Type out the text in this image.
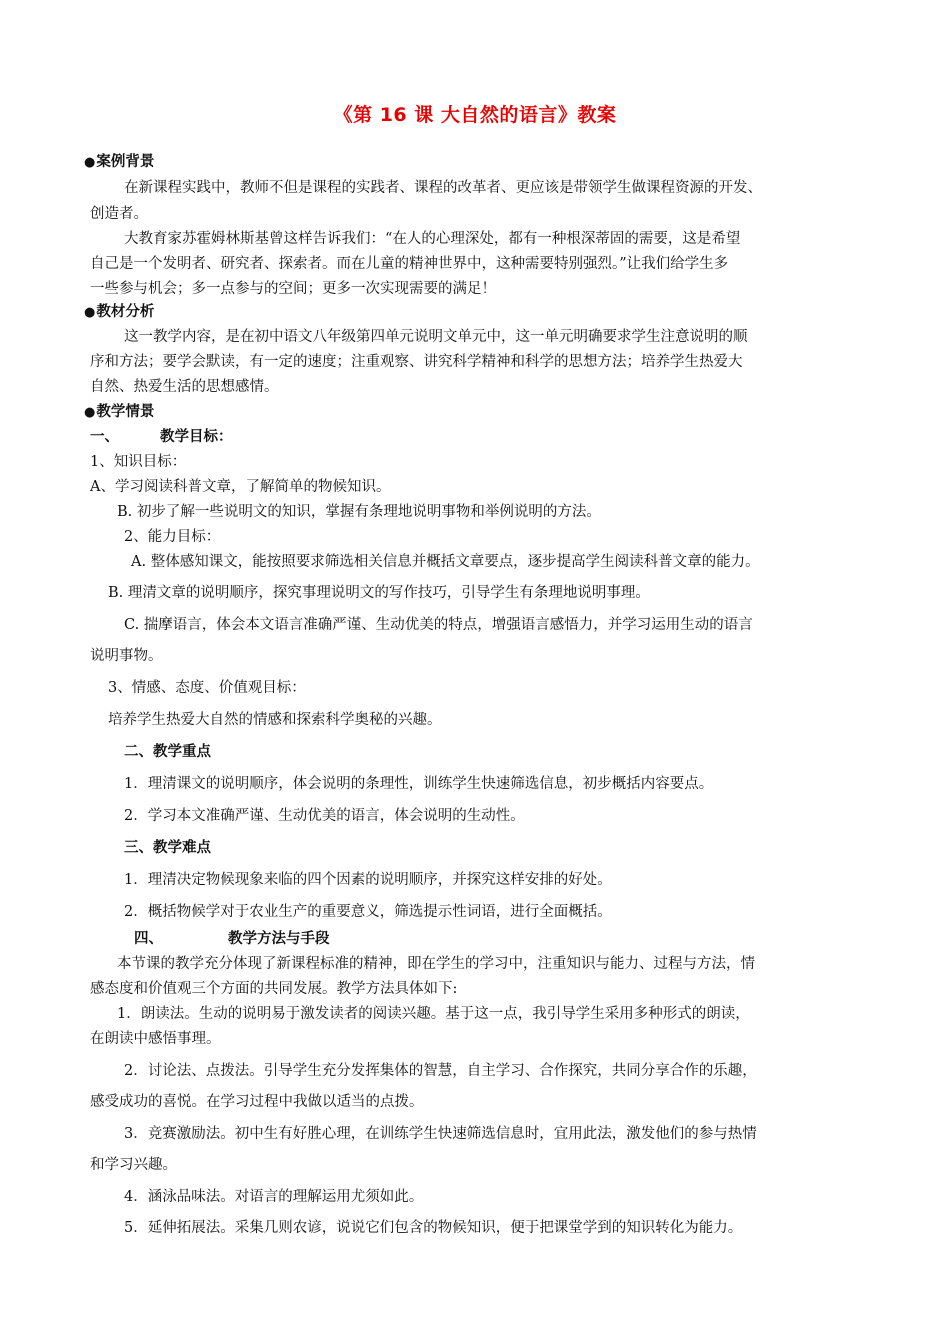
《第 16 课 大自然的语言》教案
●案例背景
在新课程实践中，教师不但是课程的实践者、课程的改革者、更应该是带领学生做课程资源的开发、
创造者。
大教育家苏霍姆林斯基曾这样告诉我们：“在人的心理深处，都有一种根深蒂固的需要，这是希望
自己是一个发明者、研究者、探索者。而在儿童的精神世界中，这种需要特别强烈。”让我们给学生多
一些参与机会；多一点参与的空间；更多一次实现需要的满足！
●教材分析
这一教学内容，是在初中语文八年级第四单元说明文单元中，这一单元明确要求学生注意说明的顺
序和方法；要学会默读，有一定的速度；注重观察、讲究科学精神和科学的思想方法；培养学生热爱大
自然、热爱生活的思想感情。
●教学情景
一、	教学目标：
1、知识目标：
A、学习阅读科普文章，了解简单的物候知识。
B. 初步了解一些说明文的知识，掌握有条理地说明事物和举例说明的方法。
2、能力目标：
A. 整体感知课文，能按照要求筛选相关信息并概括文章要点，逐步提高学生阅读科普文章的能力。
B. 理清文章的说明顺序，探究事理说明文的写作技巧，引导学生有条理地说明事理。
C. 揣摩语言，体会本文语言准确严谨、生动优美的特点，增强语言感悟力，并学习运用生动的语言
说明事物。
3、情感、态度、价值观目标：
培养学生热爱大自然的情感和探索科学奥秘的兴趣。
二、教学重点
1．理清课文的说明顺序，体会说明的条理性，训练学生快速筛选信息，初步概括内容要点。
2．学习本文准确严谨、生动优美的语言，体会说明的生动性。
三、教学难点
1．理清决定物候现象来临的四个因素的说明顺序，并探究这样安排的好处。
2．概括物候学对于农业生产的重要意义，筛选提示性词语，进行全面概括。
四、	教学方法与手段
本节课的教学充分体现了新课程标准的精神，即在学生的学习中，注重知识与能力、过程与方法，情
感态度和价值观三个方面的共同发展。教学方法具体如下:
1．朗读法。生动的说明易于激发读者的阅读兴趣。基于这一点，我引导学生采用多种形式的朗读，
在朗读中感悟事理。
2．讨论法、点拨法。引导学生充分发挥集体的智慧，自主学习、合作探究，共同分享合作的乐趣，
感受成功的喜悦。在学习过程中我做以适当的点拨。
3．竞赛激励法。初中生有好胜心理，在训练学生快速筛选信息时，宜用此法，激发他们的参与热情
和学习兴趣。
4．涵泳品味法。对语言的理解运用尤须如此。
5．延伸拓展法。采集几则农谚，说说它们包含的物候知识，便于把课堂学到的知识转化为能力。
